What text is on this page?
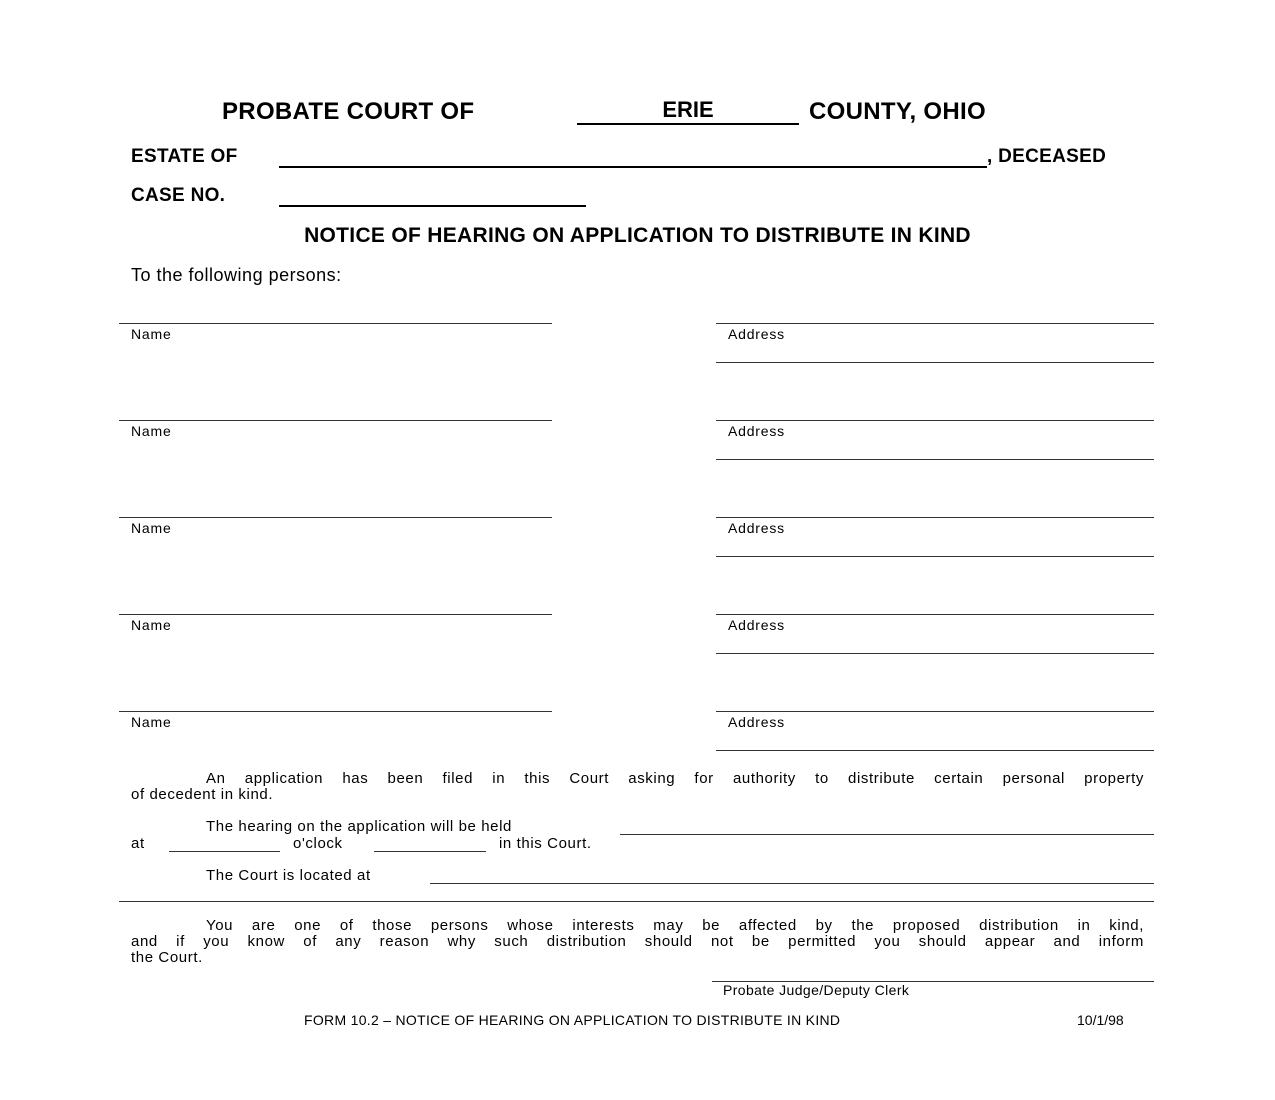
PROBATE COURT OF	ERIE	COUNTY, OHIO
ESTATE OF	, DECEASED
CASE NO.
NOTICE OF HEARING ON APPLICATION TO DISTRIBUTE IN KIND
To the following persons:
Name	Address
Name	Address
Name	Address
Name	Address
Name	Address
An application has been filed in this Court asking for authority to distribute certain personal property
of decedent in kind.
The hearing on the application will be held
at	o'clock	in this Court.
The Court is located at
You are one of those persons whose interests may be affected by the proposed distribution in kind,
and if you know of any reason why such distribution should not be permitted you should appear and inform
the Court.
Probate Judge/Deputy Clerk
FORM 10.2 – NOTICE OF HEARING ON APPLICATION TO DISTRIBUTE IN KIND	10/1/98
